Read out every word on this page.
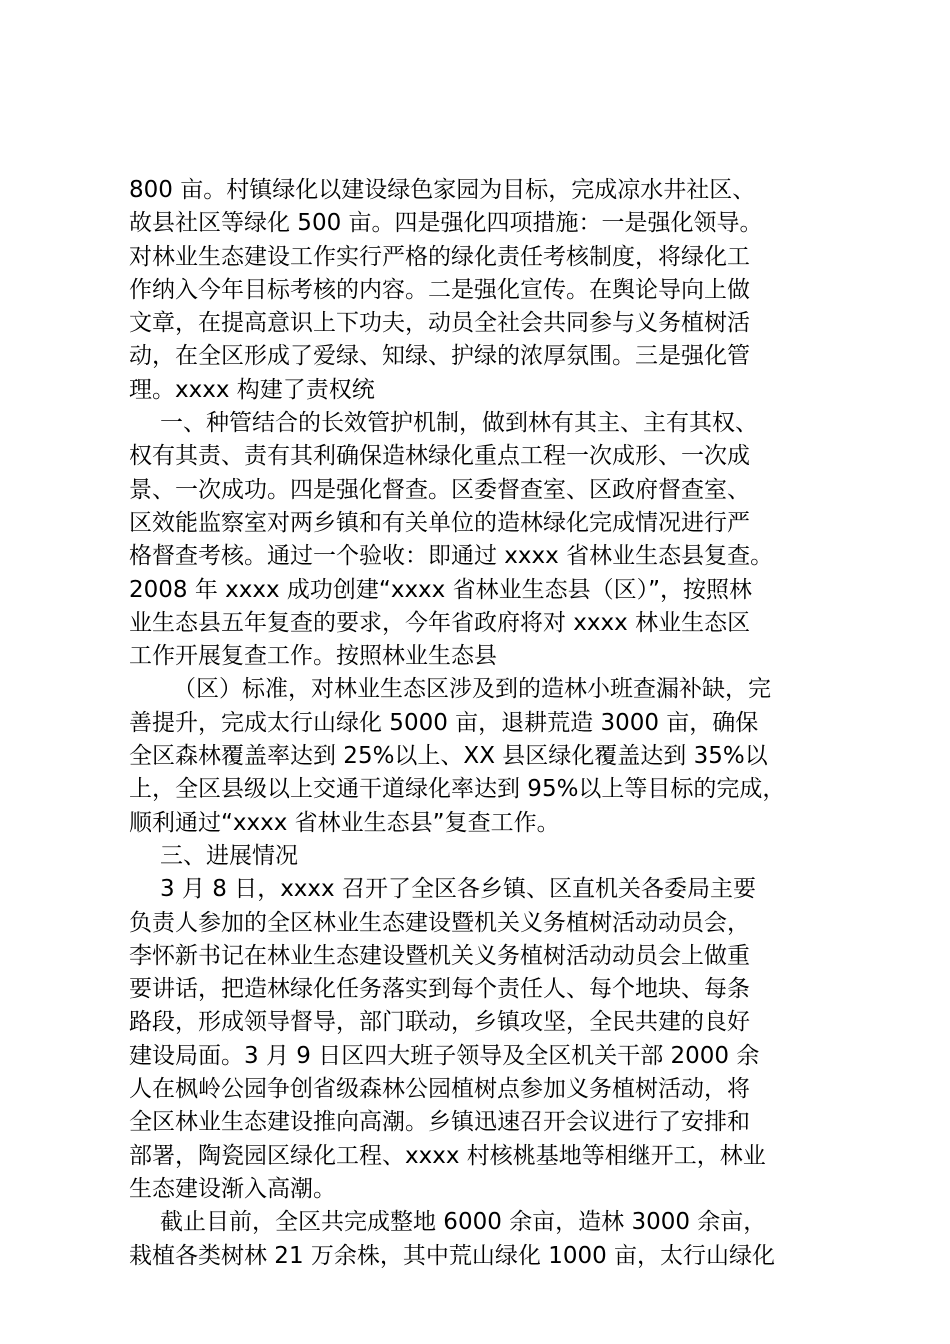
800 亩。村镇绿化以建设绿色家园为目标，完成凉水井社区、
故县社区等绿化 500 亩。四是强化四项措施：一是强化领导。
对林业生态建设工作实行严格的绿化责任考核制度，将绿化工
作纳入今年目标考核的内容。二是强化宣传。在舆论导向上做
文章，在提高意识上下功夫，动员全社会共同参与义务植树活
动，在全区形成了爱绿、知绿、护绿的浓厚氛围。三是强化管
理。xxxx 构建了责权统
一、种管结合的长效管护机制，做到林有其主、主有其权、
权有其责、责有其利确保造林绿化重点工程一次成形、一次成
景、一次成功。四是强化督查。区委督查室、区政府督查室、
区效能监察室对两乡镇和有关单位的造林绿化完成情况进行严
格督查考核。通过一个验收：即通过 xxxx 省林业生态县复查。
2008 年 xxxx 成功创建“xxxx 省林业生态县（区）”，按照林
业生态县五年复查的要求，今年省政府将对 xxxx 林业生态区
工作开展复查工作。按照林业生态县
（区）标准，对林业生态区涉及到的造林小班查漏补缺，完
善提升，完成太行山绿化 5000 亩，退耕荒造 3000 亩，确保
全区森林覆盖率达到 25%以上、XX 县区绿化覆盖达到 35%以
上，全区县级以上交通干道绿化率达到 95%以上等目标的完成，
顺利通过“xxxx 省林业生态县”复查工作。
三、进展情况
3 月 8 日，xxxx 召开了全区各乡镇、区直机关各委局主要
负责人参加的全区林业生态建设暨机关义务植树活动动员会，
李怀新书记在林业生态建设暨机关义务植树活动动员会上做重
要讲话，把造林绿化任务落实到每个责任人、每个地块、每条
路段，形成领导督导，部门联动，乡镇攻坚，全民共建的良好
建设局面。3 月 9 日区四大班子领导及全区机关干部 2000 余
人在枫岭公园争创省级森林公园植树点参加义务植树活动，将
全区林业生态建设推向高潮。乡镇迅速召开会议进行了安排和
部署，陶瓷园区绿化工程、xxxx 村核桃基地等相继开工，林业
生态建设渐入高潮。
截止目前，全区共完成整地 6000 余亩，造林 3000 余亩，
栽植各类树林 21 万余株，其中荒山绿化 1000 亩，太行山绿化
